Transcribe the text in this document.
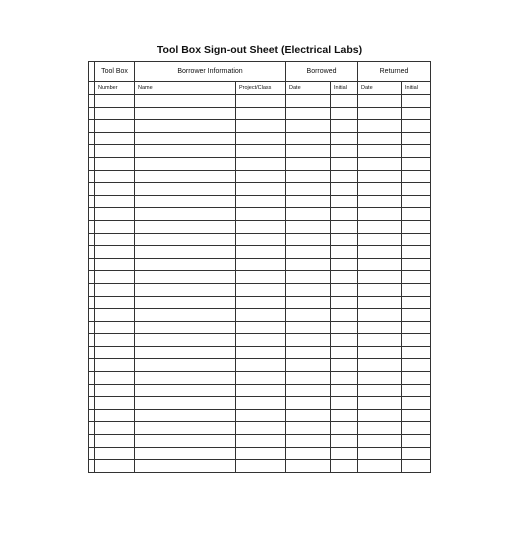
Tool Box Sign-out Sheet (Electrical Labs)
	Tool Box	Borrower Information		Borrowed		Returned	
	Number	Name	Project/Class	Date	Initial	Date	Initial
